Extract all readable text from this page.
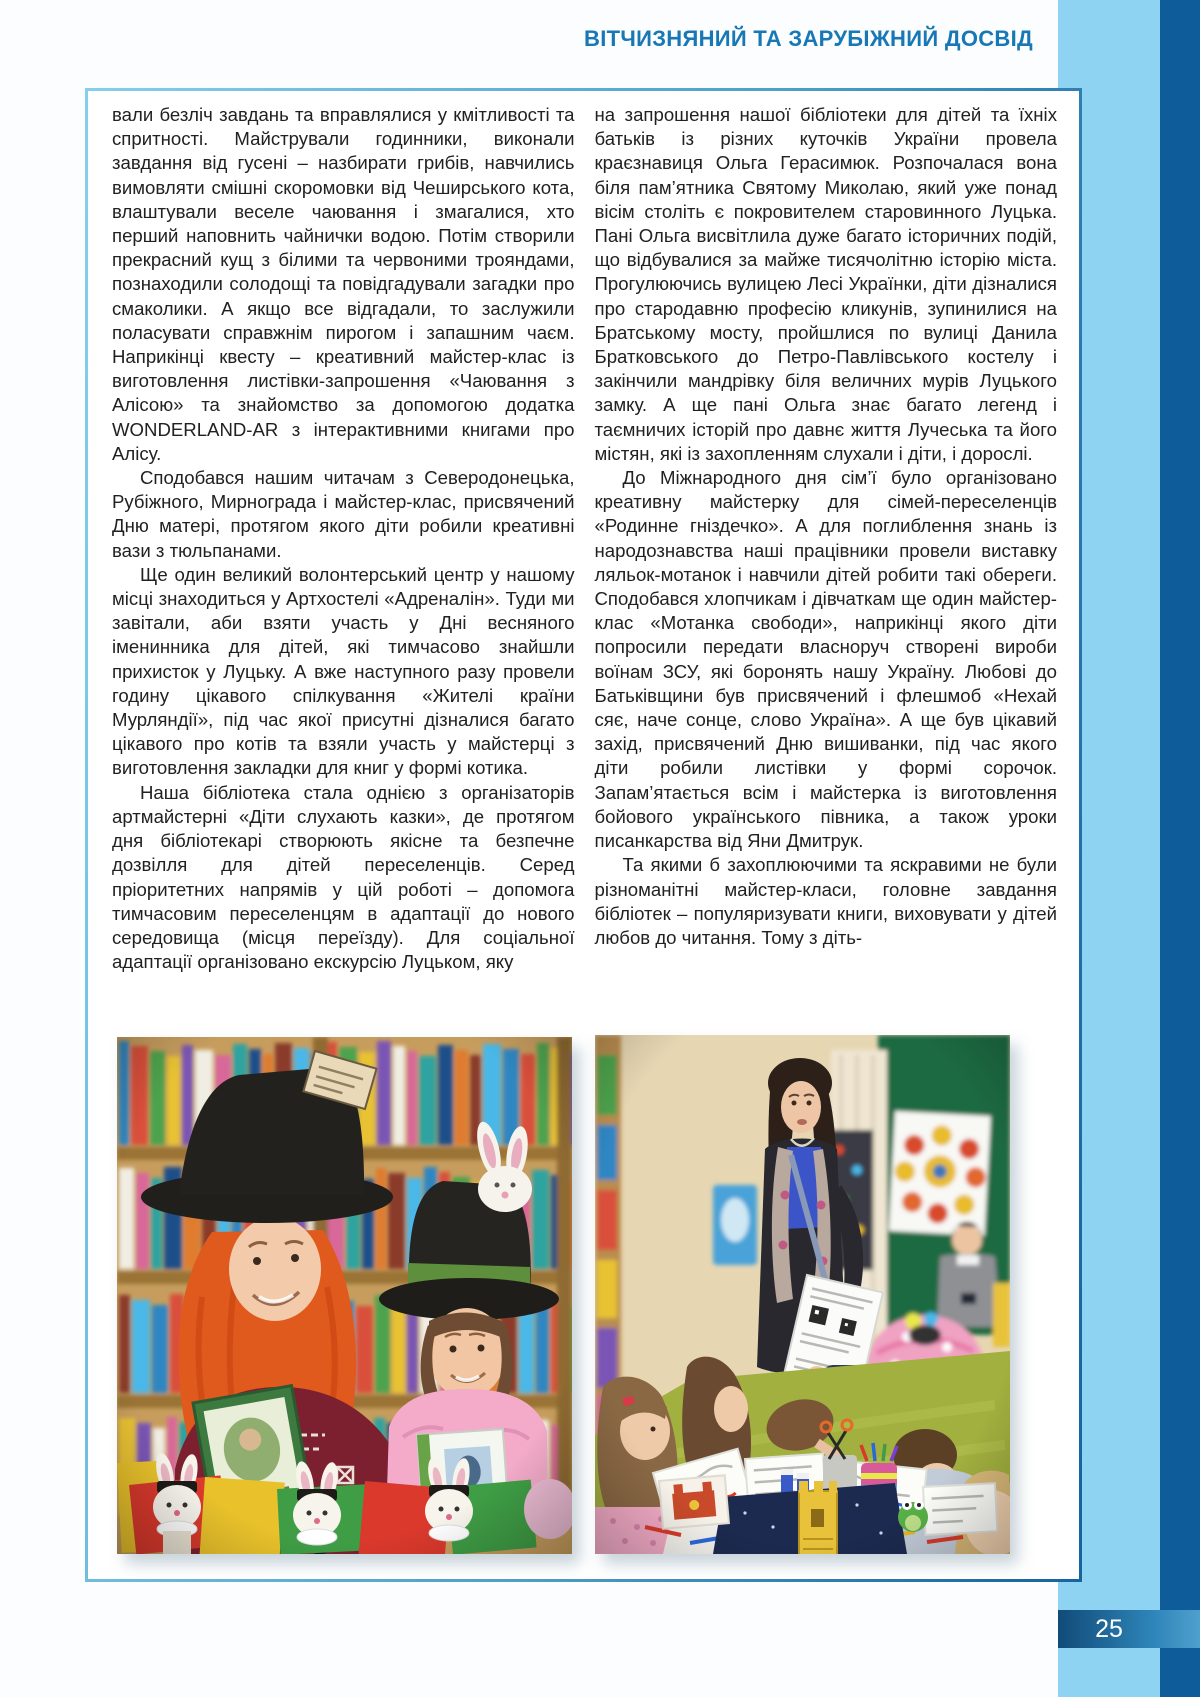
ВІТЧИЗНЯНИЙ ТА ЗАРУБІЖНИЙ ДОСВІД

вали безліч завдань та вправлялися у кмітливості та спритності. Майстрували годинники, виконали завдання від гусені – назбирати грибів, навчились вимовляти смішні скоромовки від Чеширського кота, влаштували веселе чаювання і змагалися, хто перший наповнить чайнички водою. Потім створили прекрасний кущ з білими та червоними трояндами, познаходили солодощі та повідгадували загадки про смаколики. А якщо все відгадали, то заслужили поласувати справжнім пирогом і запашним чаєм. Наприкінці квесту – креативний майстер-клас із виготовлення листівки-запрошення «Чаювання з Алісою» та знайомство за допомогою додатка WONDERLAND-AR з інтерактивними книгами про Алісу.

Сподобався нашим читачам з Северодонецька, Рубіжного, Мирнограда і майстер-клас, присвячений Дню матері, протягом якого діти робили креативні вази з тюльпанами.

Ще один великий волонтерський центр у нашому місці знаходиться у Артхостелі «Адреналін». Туди ми завітали, аби взяти участь у Дні весняного іменинника для дітей, які тимчасово знайшли прихисток у Луцьку. А вже наступного разу провели годину цікавого спілкування «Жителі країни Мурляндії», під час якої присутні дізналися багато цікавого про котів та взяли участь у майстерці з виготовлення закладки для книг у формі котика.

Наша бібліотека стала однією з організаторів артмайстерні «Діти слухають казки», де протягом дня бібліотекарі створюють якісне та безпечне дозвілля для дітей переселенців. Серед пріоритетних напрямів у цій роботі – допомога тимчасовим переселенцям в адаптації до нового середовища (місця переїзду). Для соціальної адаптації організовано екскурсію Луцьком, яку

на запрошення нашої бібліотеки для дітей та їхніх батьків із різних куточків України провела краєзнавиця Ольга Герасимюк. Розпочалася вона біля пам’ятника Святому Миколаю, який уже понад вісім століть є покровителем старовинного Луцька. Пані Ольга висвітлила дуже багато історичних подій, що відбувалися за майже тисячолітню історію міста. Прогулюючись вулицею Лесі Українки, діти дізналися про стародавню професію кликунів, зупинилися на Братському мосту, пройшлися по вулиці Данила Братковського до Петро-Павлівського костелу і закінчили мандрівку біля величних мурів Луцького замку. А ще пані Ольга знає багато легенд і таємничих історій про давнє життя Лучеська та його містян, які із захопленням слухали і діти, і дорослі.

До Міжнародного дня сім’ї було організовано креативну майстерку для сімей-переселенців «Родинне гніздечко». А для поглиблення знань із народознавства наші працівники провели виставку ляльок-мотанок і навчили дітей робити такі обереги. Сподобався хлопчикам і дівчаткам ще один майстер-клас «Мотанка свободи», наприкінці якого діти попросили передати власноруч створені вироби воїнам ЗСУ, які боронять нашу Україну. Любові до Батьківщини був присвячений і флешмоб «Нехай сяє, наче сонце, слово Україна». А ще був цікавий захід, присвячений Дню вишиванки, під час якого діти робили листівки у формі сорочок. Запам’ятається всім і майстерка із виготовлення бойового українського півника, а також уроки писанкарства від Яни Дмитрук.

Та якими б захоплюючими та яскравими не були різноманітні майстер-класи, головне завдання бібліотек – популяризувати книги, виховувати у дітей любов до читання. Тому з діть-

25
